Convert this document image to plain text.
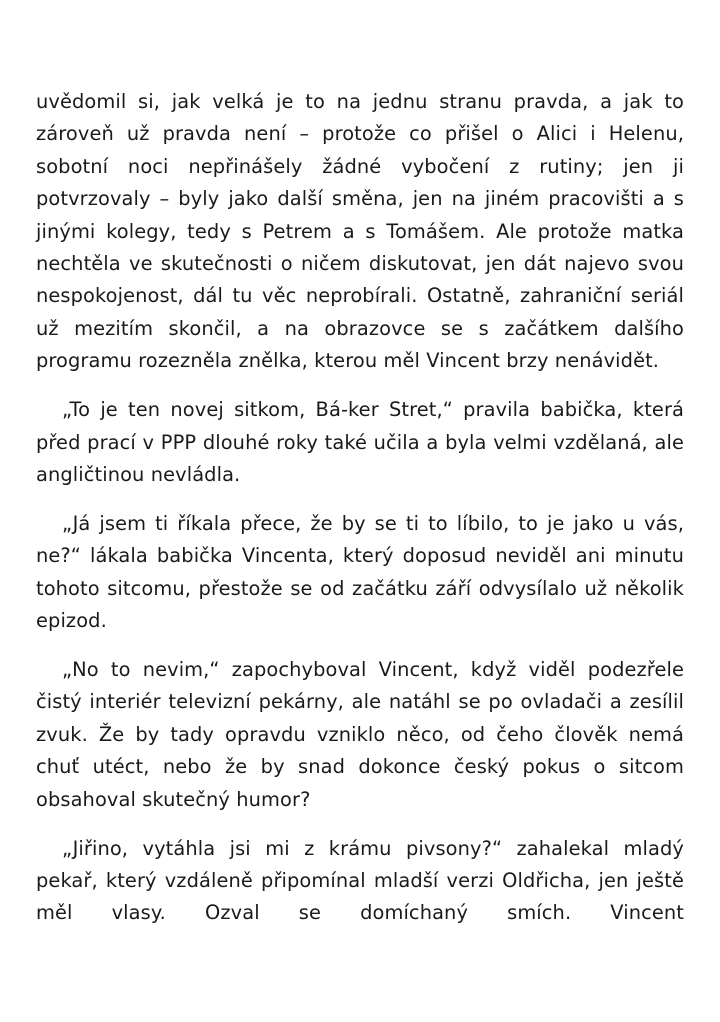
uvědomil si, jak velká je to na jednu stranu pravda, a jak to zároveň už pravda není – protože co přišel o Alici i Helenu, sobotní noci nepřinášely žádné vybočení z rutiny; jen ji potvrzovaly – byly jako další směna, jen na jiném pracovišti a s jinými kolegy, tedy s Petrem a s Tomášem. Ale protože matka nechtěla ve skutečnosti o ničem diskutovat, jen dát najevo svou nespokojenost, dál tu věc neprobírali. Ostatně, zahraniční seriál už mezitím skončil, a na obrazovce se s začátkem dalšího programu rozezněla znělka, kterou měl Vincent brzy nenávidět.

„To je ten novej sitkom, Bá-ker Stret,“ pravila babička, která před prací v PPP dlouhé roky také učila a byla velmi vzdělaná, ale angličtinou nevládla.

„Já jsem ti říkala přece, že by se ti to líbilo, to je jako u vás, ne?“ lákala babička Vincenta, který doposud neviděl ani minutu tohoto sitcomu, přestože se od začátku září odvysílalo už několik epizod.

„No to nevim,“ zapochyboval Vincent, když viděl podezřele čistý interiér televizní pekárny, ale natáhl se po ovladači a zesílil zvuk. Že by tady opravdu vzniklo něco, od čeho člověk nemá chuť utéct, nebo že by snad dokonce český pokus o sitcom obsahoval skutečný humor?

„Jiřino, vytáhla jsi mi z krámu pivsony?“ zahalekal mladý pekař, který vzdáleně připomínal mladší verzi Oldřicha, jen ještě měl vlasy. Ozval se domíchaný smích. Vincent
